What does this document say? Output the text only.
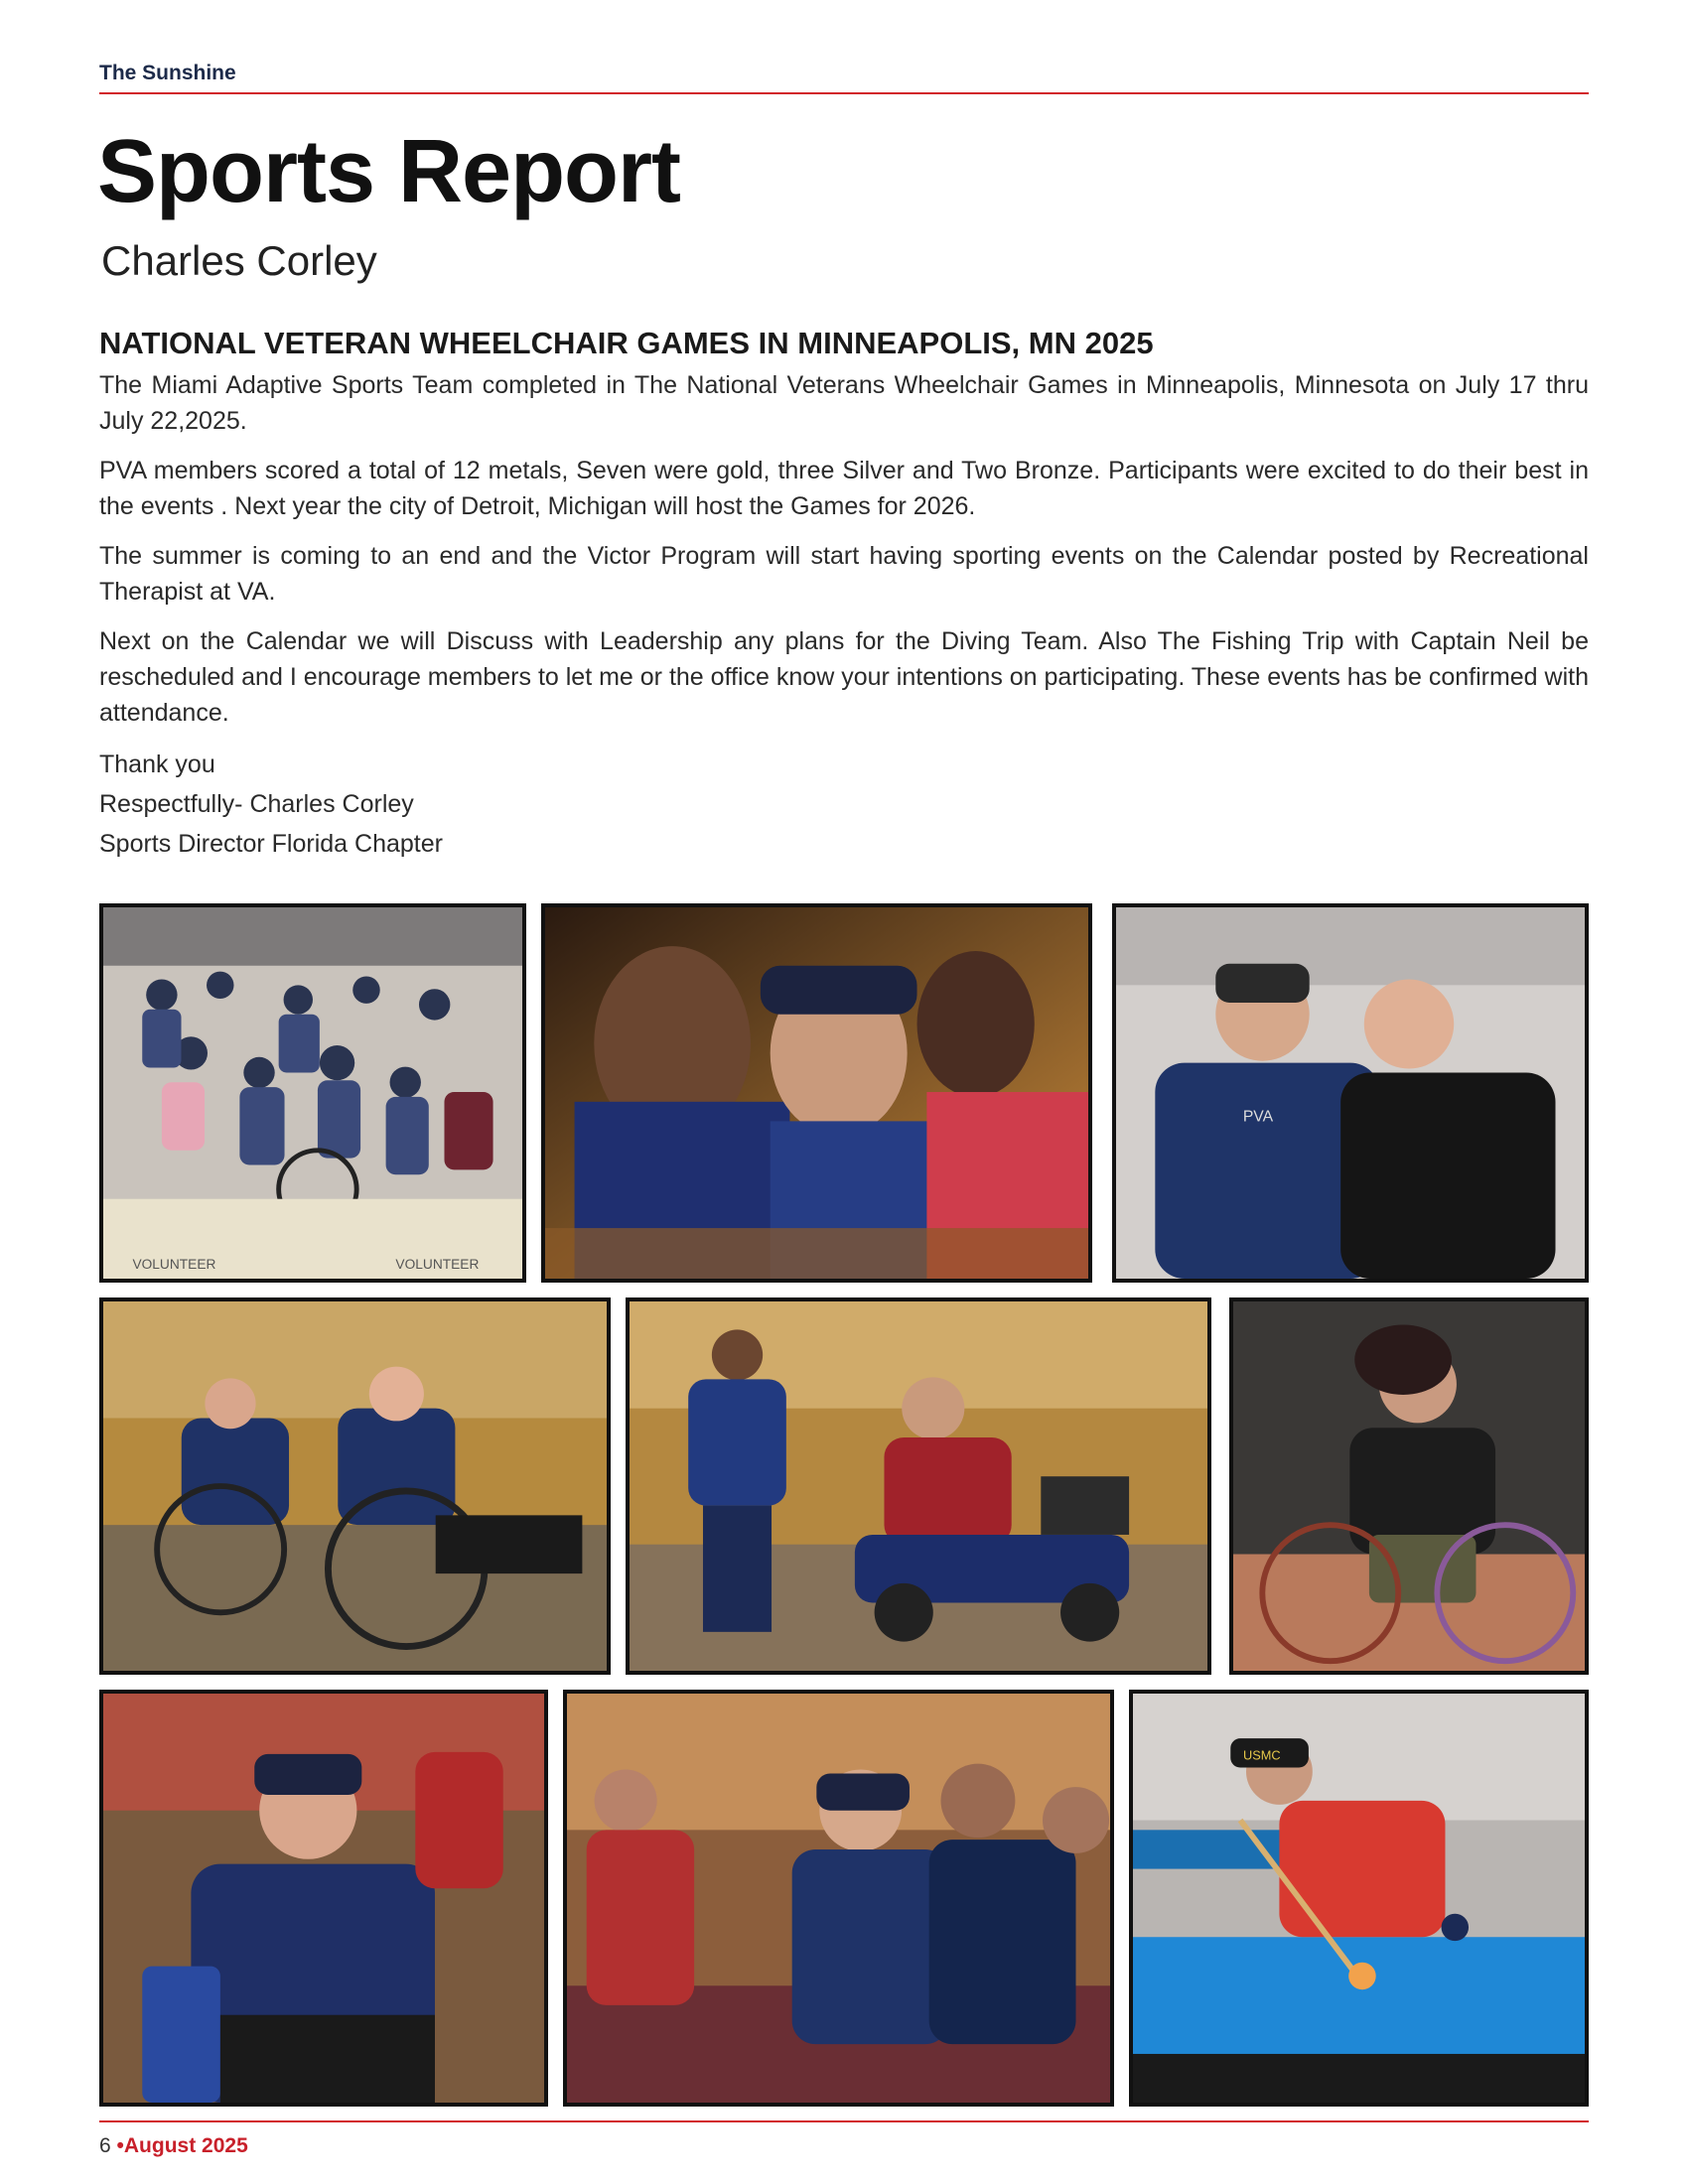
The Sunshine
Sports Report
Charles Corley
NATIONAL VETERAN WHEELCHAIR GAMES IN MINNEAPOLIS, MN 2025

The Miami Adaptive Sports Team completed in The National Veterans Wheelchair Games in Minneapolis, Minnesota on July 17 thru July 22,2025.

PVA members scored a total of 12 metals, Seven were gold, three Silver and Two Bronze. Participants were excited to do their best in the events . Next year the city of Detroit, Michigan will host the Games for 2026.

The summer is coming to an end and the Victor Program will start having sporting events on the Calendar posted by Recreational Therapist at VA.

Next on the Calendar we will Discuss with Leadership any plans for the Diving Team. Also The Fishing Trip with Captain Neil be rescheduled and I encourage members to let me or the office know your intentions on participating. These events has be confirmed with attendance.

Thank you
Respectfully- Charles Corley
Sports Director Florida Chapter
VOLUNTEER	VOLUNTEER
PVA
USMC
6 •August 2025
